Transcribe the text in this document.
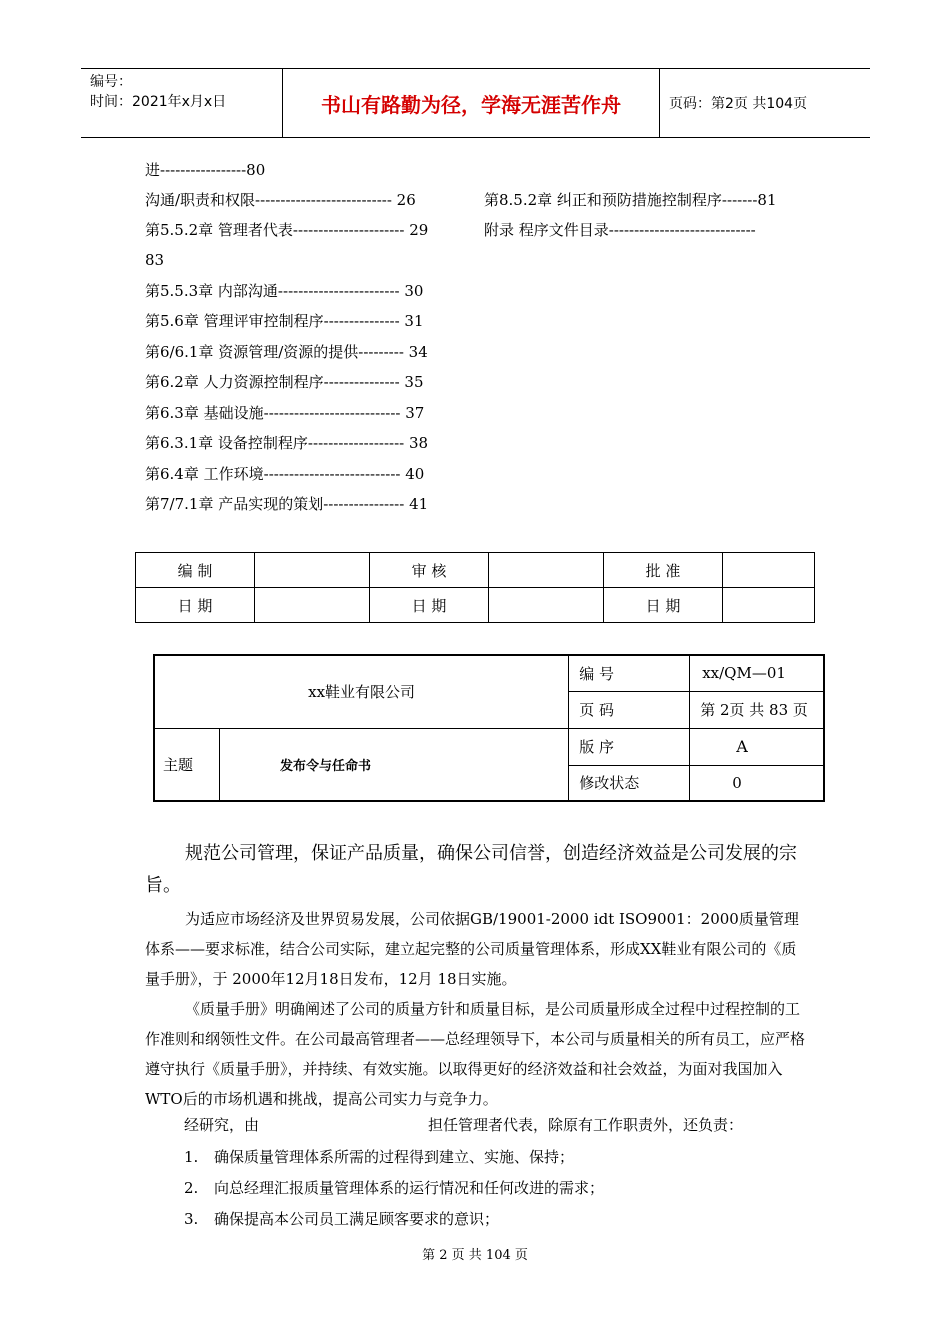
编号：
时间：2021年x月x日	书山有路勤为径，学海无涯苦作舟	页码：第2页 共104页
进-----------------80
沟通/职责和权限--------------------------- 26
第5.5.2章 管理者代表---------------------- 29
83
第5.5.3章 内部沟通------------------------ 30
第5.6章 管理评审控制程序--------------- 31
第6/6.1章 资源管理/资源的提供--------- 34
第6.2章 人力资源控制程序--------------- 35
第6.3章 基础设施--------------------------- 37
第6.3.1章 设备控制程序------------------- 38
第6.4章 工作环境--------------------------- 40
第7/7.1章 产品实现的策划---------------- 41
第8.5.2章 纠正和预防措施控制程序-------81
附录 程序文件目录-----------------------------
编 制		审 核		批 准	
日 期		日 期		日 期	
xx鞋业有限公司		编 号	xx/QM—01
		页 码	第 2页 共 83 页
主题	发布令与任命书	版 序	A
		修改状态	0
规范公司管理，保证产品质量，确保公司信誉，创造经济效益是公司发展的宗旨。
为适应市场经济及世界贸易发展，公司依据GB/19001-2000 idt ISO9001：2000质量管理体系——要求标准，结合公司实际，建立起完整的公司质量管理体系，形成XX鞋业有限公司的《质量手册》，于 2000年12月18日发布，12月 18日实施。
《质量手册》明确阐述了公司的质量方针和质量目标，是公司质量形成全过程中过程控制的工作准则和纲领性文件。在公司最高管理者——总经理领导下，本公司与质量相关的所有员工，应严格遵守执行《质量手册》，并持续、有效实施。以取得更好的经济效益和社会效益，为面对我国加入WTO后的市场机遇和挑战，提高公司实力与竞争力。
经研究，由	担任管理者代表，除原有工作职责外，还负责：
1. 确保质量管理体系所需的过程得到建立、实施、保持；
2. 向总经理汇报质量管理体系的运行情况和任何改进的需求；
3. 确保提高本公司员工满足顾客要求的意识；
第 2 页 共 104 页
